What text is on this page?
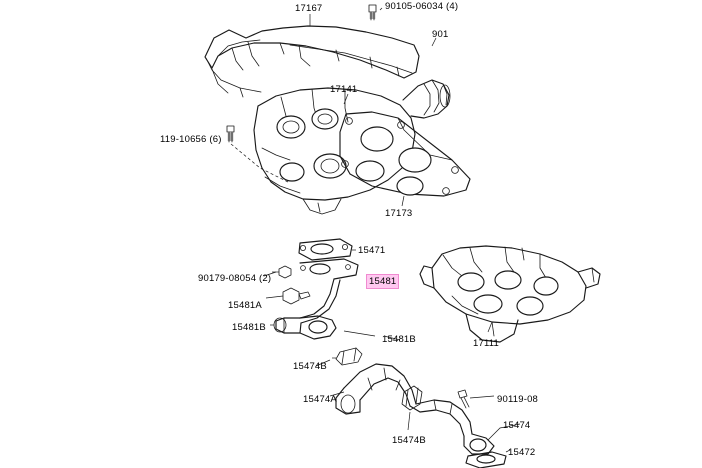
17167	90105-06034 (4)
901
17141
119-10656 (6)
17173
15471
90179-08054 (2)	15481
15481A
15481B
15481B	17111
15474B
15474A	90119-08
15474
15474B
15472
